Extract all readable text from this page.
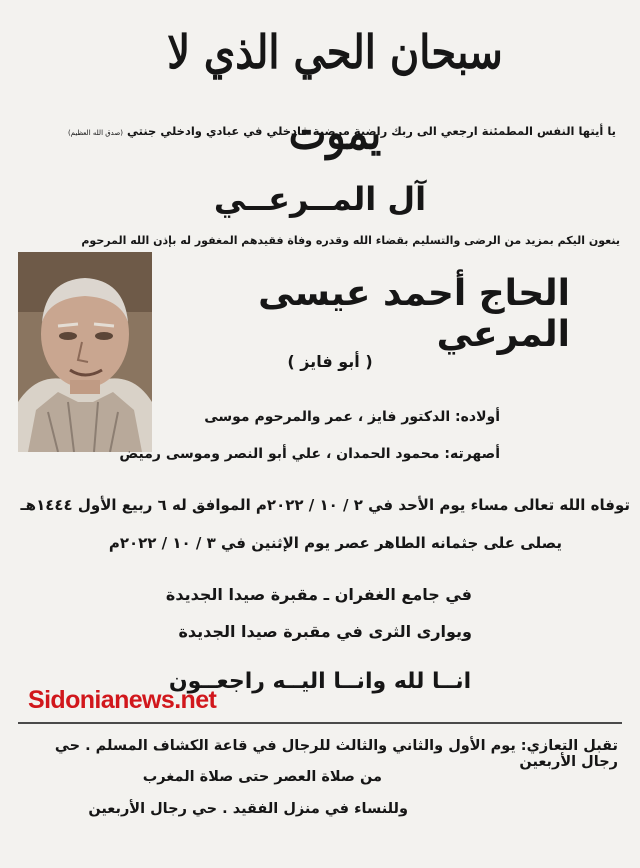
سبحان الحي الذي لا يموت
يا أيتها النفس المطمئنة ارجعي الى ربك راضية مرضية فادخلي في عبادي وادخلي جنتي (صدق الله العظيم)
آل المــرعــي
ينعون اليكم بمزيد من الرضى والتسليم بقضاء الله وقدره وفاة فقيدهم المغفور له بإذن الله المرحوم
الحاج أحمد عيسى المرعي
( أبو فايز )
أولاده: الدكتور فايز ، عمر والمرحوم موسى
أصهرته: محمود الحمدان ، علي أبو النصر وموسى رميض
توفاه الله تعالى مساء يوم الأحد في ٢ / ١٠ / ٢٠٢٢م الموافق له ٦ ربيع الأول ١٤٤٤هـ
يصلى على جثمانه الطاهر عصر يوم الإثنين في ٣ / ١٠ / ٢٠٢٢م
في جامع الغفران ـ مقبرة صيدا الجديدة
ويوارى الثرى في مقبرة صيدا الجديدة
انــا لله وانــا اليــه راجعــون
Sidonianews.net
تقبل التعازي: يوم الأول والثاني والثالث للرجال في قاعة الكشاف المسلم . حي رجال الأربعين
من صلاة العصر حتى صلاة المغرب
وللنساء في منزل الفقيد . حي رجال الأربعين
